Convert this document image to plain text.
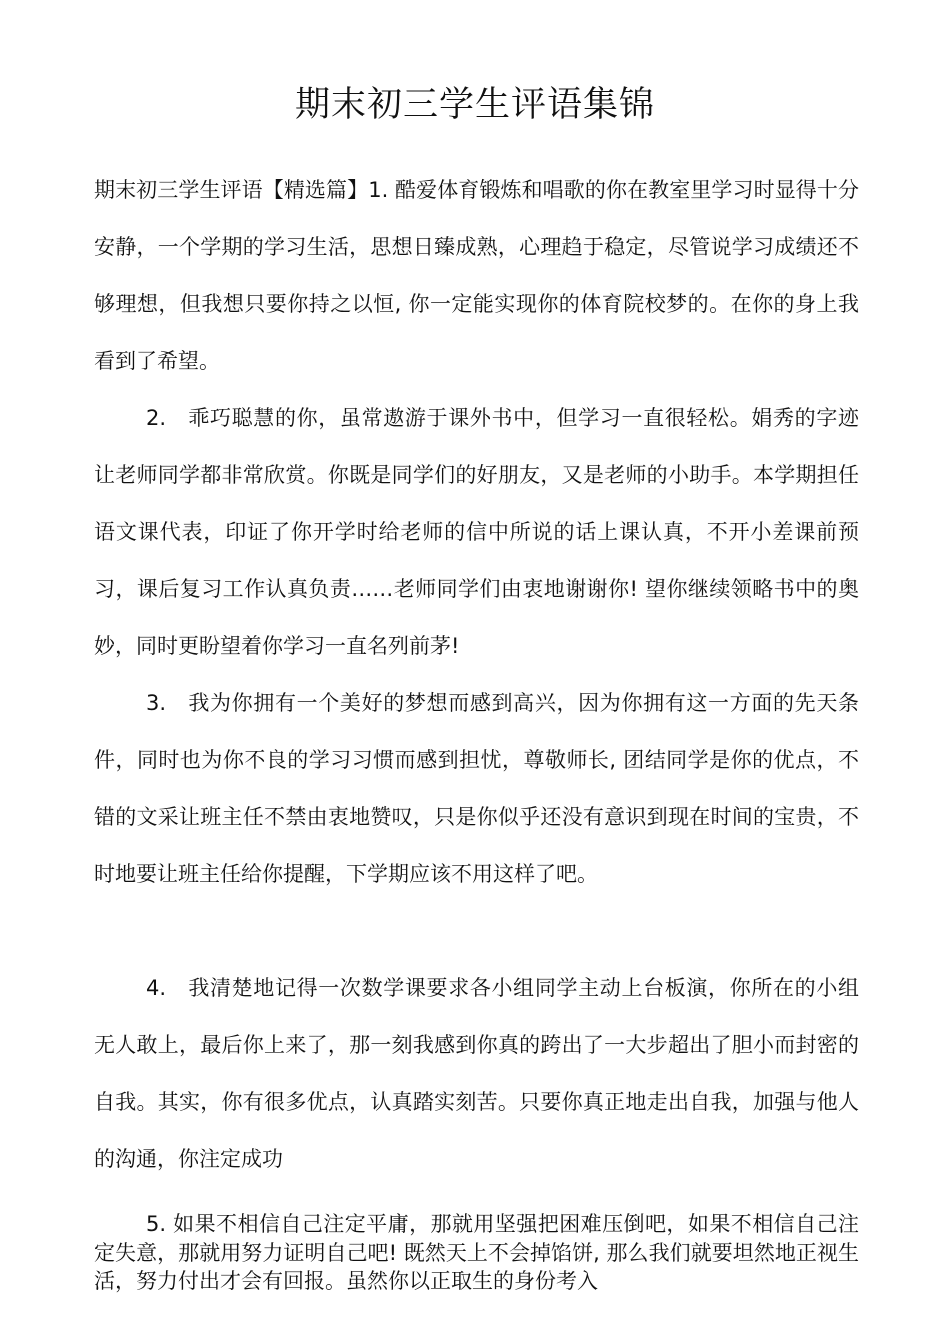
期末初三学生评语集锦

期末初三学生评语【精选篇】1. 酷爱体育锻炼和唱歌的你在教室里学习时显得十分安静，一个学期的学习生活，思想日臻成熟，心理趋于稳定，尽管说学习成绩还不够理想，但我想只要你持之以恒, 你一定能实现你的体育院校梦的。在你的身上我看到了希望。

2.　乖巧聪慧的你，虽常遨游于课外书中，但学习一直很轻松。娟秀的字迹让老师同学都非常欣赏。你既是同学们的好朋友，又是老师的小助手。本学期担任语文课代表，印证了你开学时给老师的信中所说的话上课认真，不开小差课前预习，课后复习工作认真负责……老师同学们由衷地谢谢你! 望你继续领略书中的奥妙，同时更盼望着你学习一直名列前茅!

3.　我为你拥有一个美好的梦想而感到高兴，因为你拥有这一方面的先天条件，同时也为你不良的学习习惯而感到担忧，尊敬师长, 团结同学是你的优点，不错的文采让班主任不禁由衷地赞叹，只是你似乎还没有意识到现在时间的宝贵，不时地要让班主任给你提醒，下学期应该不用这样了吧。

4.　我清楚地记得一次数学课要求各小组同学主动上台板演，你所在的小组无人敢上，最后你上来了，那一刻我感到你真的跨出了一大步超出了胆小而封密的自我。其实，你有很多优点，认真踏实刻苦。只要你真正地走出自我，加强与他人的沟通，你注定成功

5. 如果不相信自己注定平庸，那就用坚强把困难压倒吧，如果不相信自己注定失意，那就用努力证明自己吧! 既然天上不会掉馅饼, 那么我们就要坦然地正视生活，努力付出才会有回报。虽然你以正取生的身份考入
